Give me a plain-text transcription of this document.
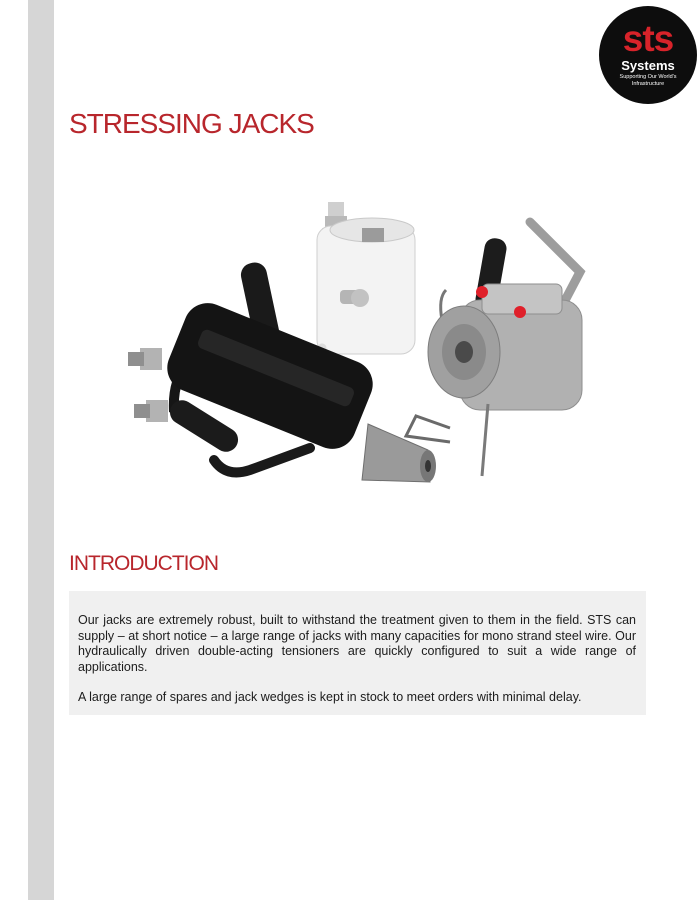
sts
Systems
Supporting Our World's Infrastructure
STRESSING JACKS
INTRODUCTION

Our jacks are extremely robust, built to withstand the treatment given to them in the field. STS can supply – at short notice – a large range of jacks with many capacities for mono strand steel wire. Our hydraulically driven double-acting tensioners are quickly configured to suit a wide range of applications.

A large range of spares and jack wedges is kept in stock to meet orders with minimal delay.
